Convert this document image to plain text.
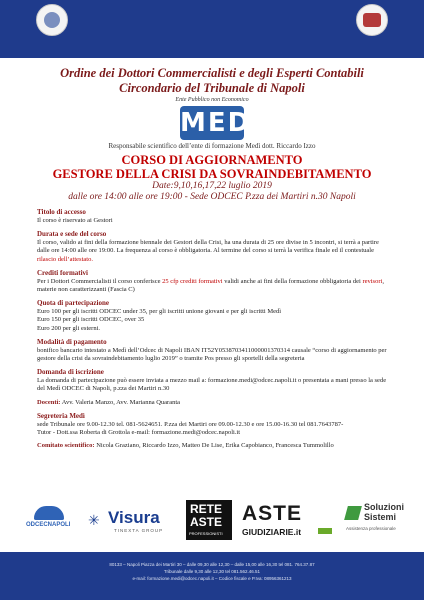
Ordine dei Dottori Commercialisti e degli Esperti Contabili
Circondario del Tribunale di Napoli
Ente Pubblico non Economico
MEDÌ
Responsabile scientifico dell’ente di formazione Medì dott. Riccardo Izzo
CORSO DI AGGIORNAMENTO
GESTORE DELLA CRISI DA SOVRAINDEBITAMENTO
Date:9,10,16,17,22 luglio 2019
dalle ore 14:00 alle ore 19:00 - Sede ODCEC P.zza dei Martiri n.30 Napoli
Titolo di accesso

Il corso è riservato ai Gestori

Durata e sede del corso

Il corso, valido ai fini della formazione biennale dei Gestori della Crisi, ha una durata di 25 ore divise in 5 incontri, si terrà a partire dalle ore 14:00 alle ore 19:00. La frequenza al corso è obbligatoria. Al termine del corso si terrà la verifica finale ed il contestuale rilascio dell’attestato.

Crediti formativi

Per i Dottori Commercialisti il corso conferisce 25 cfp crediti formativi validi anche ai fini della formazione obbligatoria dei revisori, materie non caratterizzanti (Fascia C)

Quota di partecipazione

Euro 100 per gli iscritti ODCEC under 35, per gli iscritti unione giovani e per gli iscritti Medì

Euro 150 per gli iscritti ODCEC, over 35

Euro 200 per gli esterni.

Modalità di pagamento

bonifico bancario intestato a Medì dell’Odcec di Napoli IBAN IT52Y0538703411000001370314 causale “corso di aggiornamento per gestore della crisi da sovraindebitamento luglio 2019” o tramite Pos presso gli sportelli della segreteria

Domanda di iscrizione

La domanda di partecipazione può essere inviata a mezzo mail a: formazione.medi@odcec.napoli.it o presentata a mani presso la sede del Medì ODCEC di Napoli, p.zza dei Martiri n.30

Docenti: Avv. Valeria Manzo, Avv. Marianna Quaranta

Segreteria Medì

sede Tribunale ore 9.00-12.30 tel. 081-5624651. P.zza dei Martiri ore 09.00-12.30 e ore 15.00-16.30 tel 081.7643787-

Tutor - Dott.ssa Roberta di Grottola e-mail: formazione.medi@odcec.napoli.it

Comitato scientifico: Nicola Graziano, Riccardo Izzo, Matteo De Lise, Erika Capobianco, Francesca Tummolillo

ODCECNAPOLI ✳ Visura
TINEXTA GROUP
RETE
ASTE
PROFESSIONISTI
ASTE
GIUDIZIARIE.it
Soluzioni
Sistemi
Assistenza professionale
80133 – Napoli Piazza dei Martiri 30 – dalle 09,30 alle 12,30 – dalle 15,00 alle 16,30 tel 081. 764.37.87
Tribunale dalle 9,30 alle 12,30 tel 081.562.46.51
e-mail: formazione.medi@odcec.napoli.it – Codice fiscale e P.Iva: 08956361213
